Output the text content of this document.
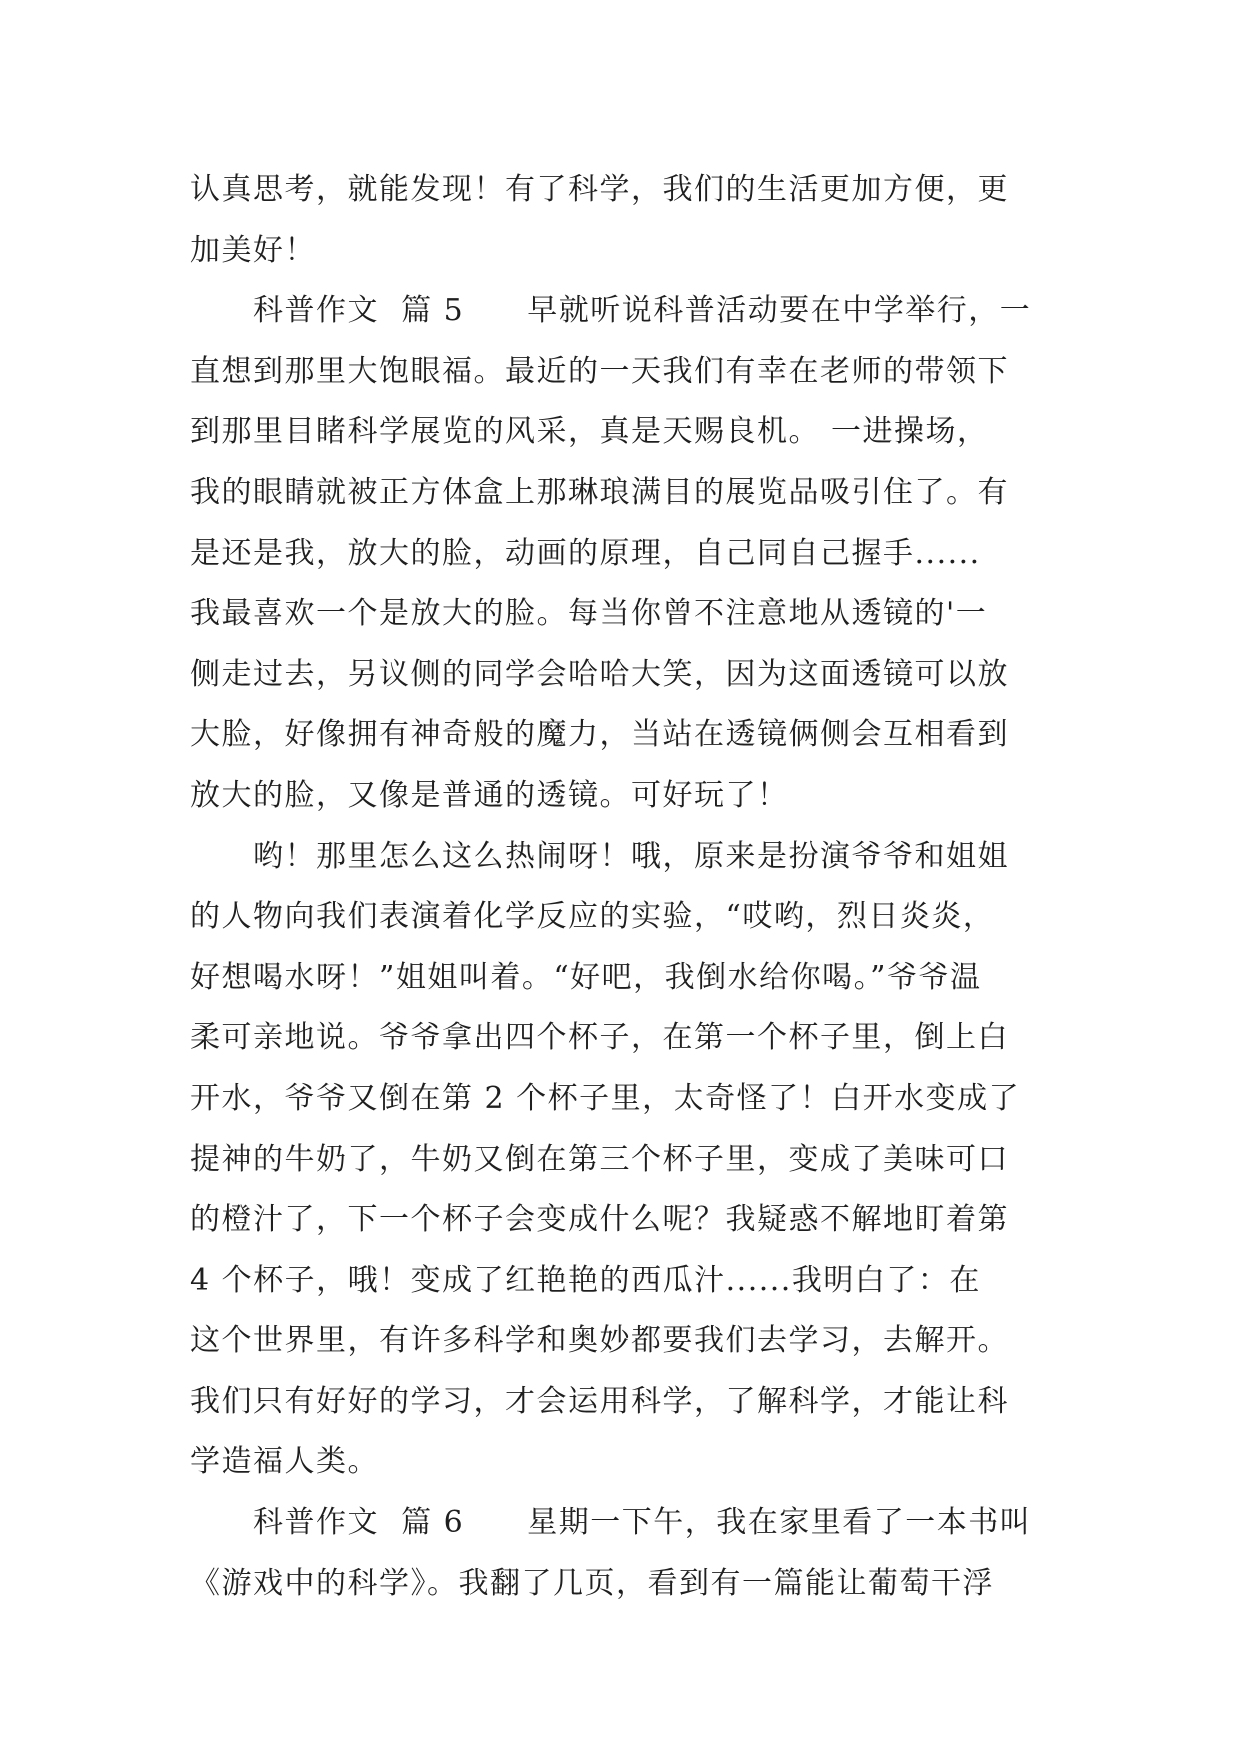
认真思考，就能发现！有了科学，我们的生活更加方便，更
加美好！
　　科普作文  篇 5　　早就听说科普活动要在中学举行，一
直想到那里大饱眼福。最近的一天我们有幸在老师的带领下
到那里目睹科学展览的风采，真是天赐良机。 一进操场，
我的眼睛就被正方体盒上那琳琅满目的展览品吸引住了。有
是还是我，放大的脸，动画的原理，自己同自己握手......
我最喜欢一个是放大的脸。每当你曾不注意地从透镜的'一
侧走过去，另议侧的同学会哈哈大笑，因为这面透镜可以放
大脸，好像拥有神奇般的魔力，当站在透镜俩侧会互相看到
放大的脸，又像是普通的透镜。可好玩了！
　　哟！那里怎么这么热闹呀！哦，原来是扮演爷爷和姐姐
的人物向我们表演着化学反应的实验，“哎哟，烈日炎炎，
好想喝水呀！”姐姐叫着。“好吧，我倒水给你喝。”爷爷温
柔可亲地说。爷爷拿出四个杯子，在第一个杯子里，倒上白
开水，爷爷又倒在第 2 个杯子里，太奇怪了！白开水变成了
提神的牛奶了，牛奶又倒在第三个杯子里，变成了美味可口
的橙汁了，下一个杯子会变成什么呢？我疑惑不解地盯着第
4 个杯子，哦！变成了红艳艳的西瓜汁......我明白了：在
这个世界里，有许多科学和奥妙都要我们去学习，去解开。
我们只有好好的学习，才会运用科学，了解科学，才能让科
学造福人类。
　　科普作文  篇 6　　星期一下午，我在家里看了一本书叫
《游戏中的科学》。我翻了几页，看到有一篇能让葡萄干浮
